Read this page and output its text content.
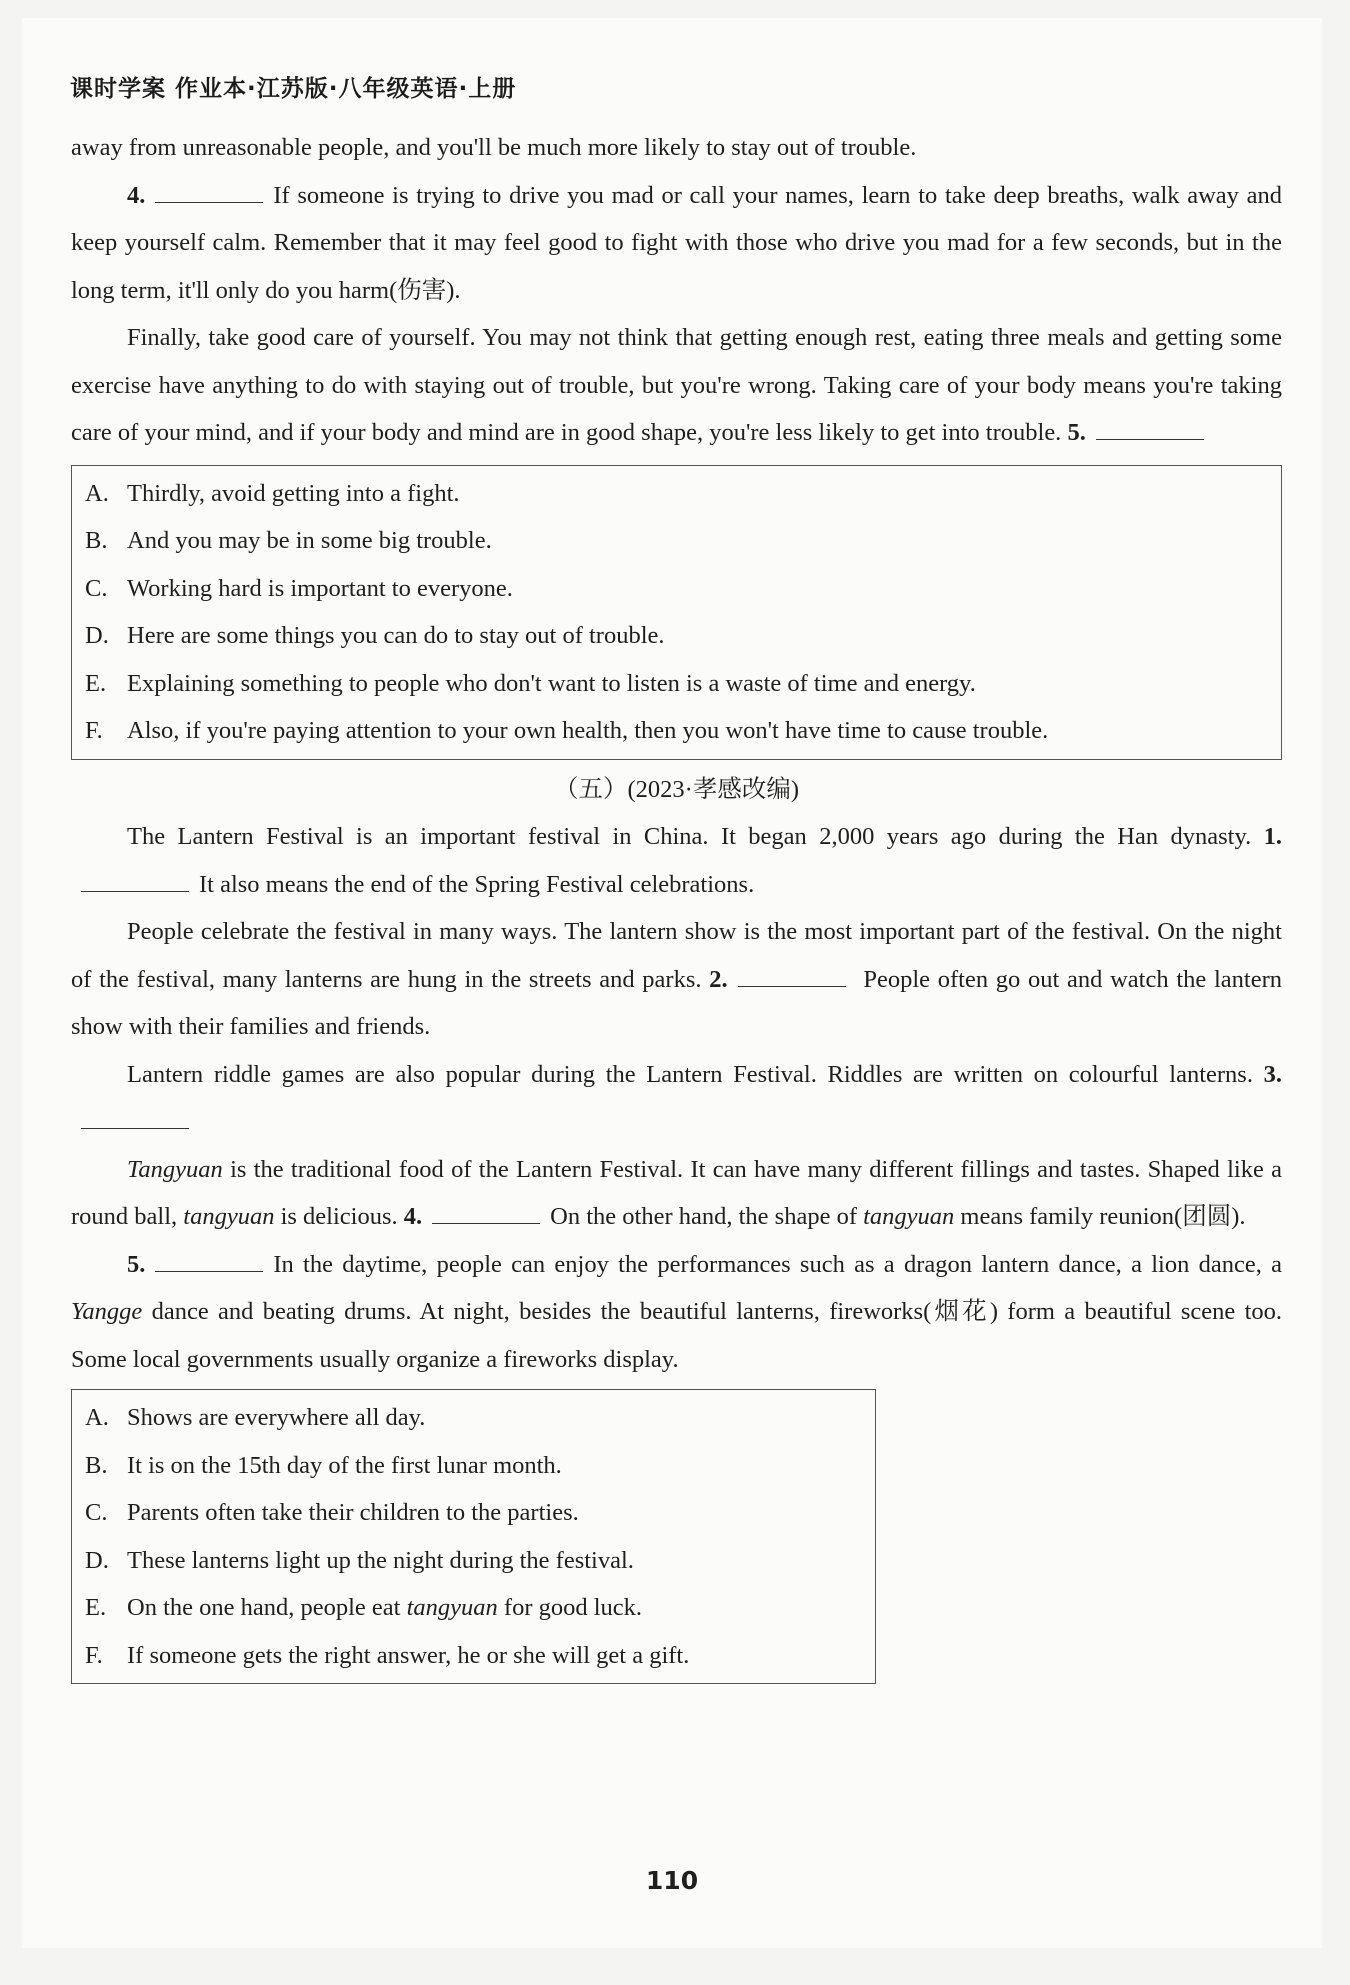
课时学案 作业本·江苏版·八年级英语·上册

away from unreasonable people, and you'll be much more likely to stay out of trouble.

4.	If someone is trying to drive you mad or call your names, learn to take deep breaths, walk away and keep yourself calm. Remember that it may feel good to fight with those who drive you mad for a few seconds, but in the long term, it'll only do you harm(伤害).

Finally, take good care of yourself. You may not think that getting enough rest, eating three meals and getting some exercise have anything to do with staying out of trouble, but you're wrong. Taking care of your body means you're taking care of your mind, and if your body and mind are in good shape, you're less likely to get into trouble. 5.

A. Thirdly, avoid getting into a fight.
B. And you may be in some big trouble.
C. Working hard is important to everyone.
D. Here are some things you can do to stay out of trouble.
E. Explaining something to people who don't want to listen is a waste of time and energy.
F. Also, if you're paying attention to your own health, then you won't have time to cause trouble.

（五）(2023·孝感改编)

The Lantern Festival is an important festival in China. It began 2,000 years ago during the Han dynasty. 1.It also means the end of the Spring Festival celebrations.

People celebrate the festival in many ways. The lantern show is the most important part of the festival. On the night of the festival, many lanterns are hung in the streets and parks. 2.	People often go out and watch the lantern show with their families and friends.

Lantern riddle games are also popular during the Lantern Festival. Riddles are written on colourful lanterns. 3.

Tangyuan is the traditional food of the Lantern Festival. It can have many different fillings and tastes. Shaped like a round ball, tangyuan is delicious. 4.	On the other hand, the shape of tangyuan means family reunion(团圆).

5.	In the daytime, people can enjoy the performances such as a dragon lantern dance, a lion dance, a Yangge dance and beating drums. At night, besides the beautiful lanterns, fireworks(烟花) form a beautiful scene too. Some local governments usually organize a fireworks display.

A. Shows are everywhere all day.
B. It is on the 15th day of the first lunar month.
C. Parents often take their children to the parties.
D. These lanterns light up the night during the festival.
E. On the one hand, people eat tangyuan for good luck.
F. If someone gets the right answer, he or she will get a gift.
110
